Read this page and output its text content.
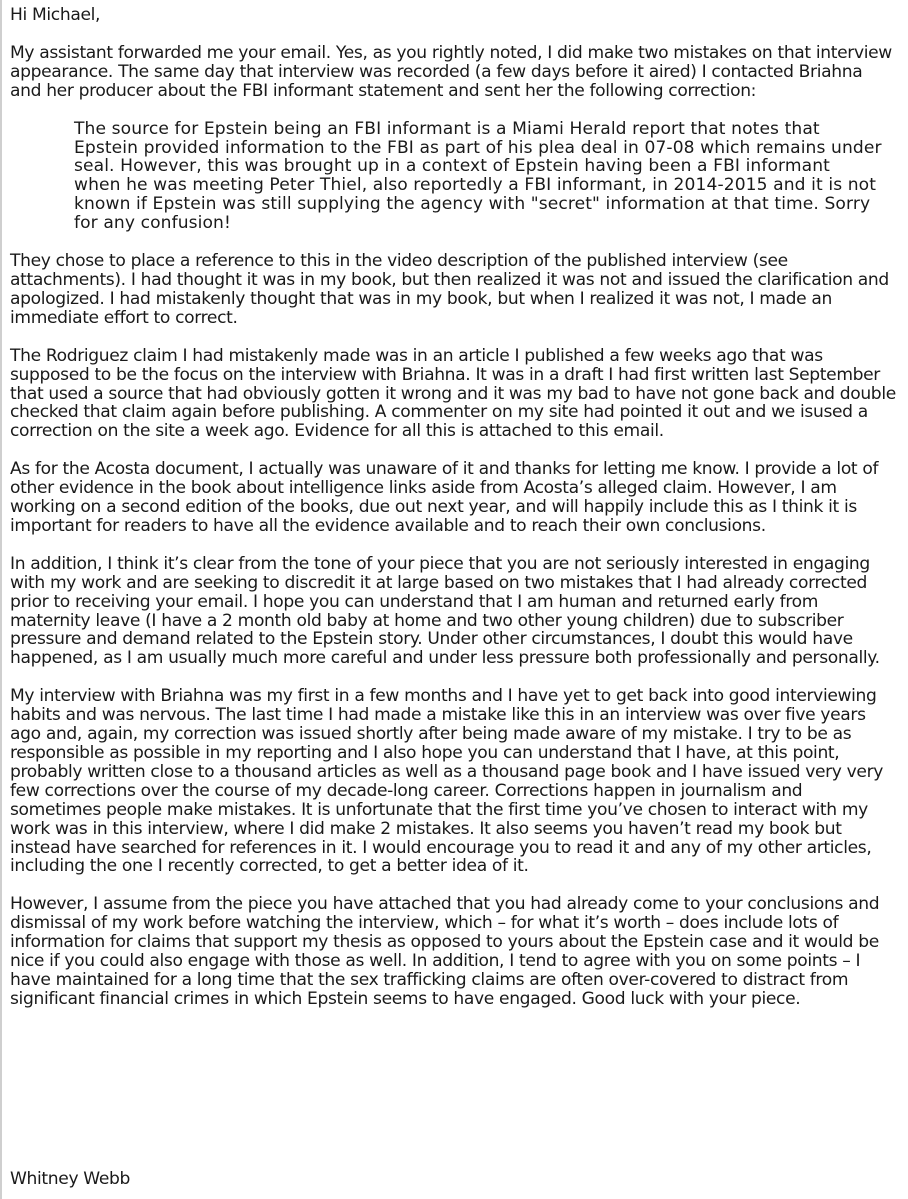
Hi Michael,

My assistant forwarded me your email. Yes, as you rightly noted, I did make two mistakes on that interview appearance. The same day that interview was recorded (a few days before it aired) I contacted Briahna and her producer about the FBI informant statement and sent her the following correction:

The source for Epstein being an FBI informant is a Miami Herald report that notes that Epstein provided information to the FBI as part of his plea deal in 07-08 which remains under seal. However, this was brought up in a context of Epstein having been a FBI informant when he was meeting Peter Thiel, also reportedly a FBI informant, in 2014-2015 and it is not known if Epstein was still supplying the agency with "secret" information at that time. Sorry for any confusion!

They chose to place a reference to this in the video description of the published interview (see attachments). I had thought it was in my book, but then realized it was not and issued the clarification and apologized. I had mistakenly thought that was in my book, but when I realized it was not, I made an immediate effort to correct.

The Rodriguez claim I had mistakenly made was in an article I published a few weeks ago that was supposed to be the focus on the interview with Briahna. It was in a draft I had first written last September that used a source that had obviously gotten it wrong and it was my bad to have not gone back and double checked that claim again before publishing. A commenter on my site had pointed it out and we isused a correction on the site a week ago. Evidence for all this is attached to this email.

As for the Acosta document, I actually was unaware of it and thanks for letting me know. I provide a lot of other evidence in the book about intelligence links aside from Acosta’s alleged claim. However, I am working on a second edition of the books, due out next year, and will happily include this as I think it is important for readers to have all the evidence available and to reach their own conclusions.

In addition, I think it’s clear from the tone of your piece that you are not seriously interested in engaging with my work and are seeking to discredit it at large based on two mistakes that I had already corrected prior to receiving your email. I hope you can understand that I am human and returned early from maternity leave (I have a 2 month old baby at home and two other young children) due to subscriber pressure and demand related to the Epstein story. Under other circumstances, I doubt this would have happened, as I am usually much more careful and under less pressure both professionally and personally.

My interview with Briahna was my first in a few months and I have yet to get back into good interviewing habits and was nervous. The last time I had made a mistake like this in an interview was over five years ago and, again, my correction was issued shortly after being made aware of my mistake. I try to be as responsible as possible in my reporting and I also hope you can understand that I have, at this point, probably written close to a thousand articles as well as a thousand page book and I have issued very very few corrections over the course of my decade-long career. Corrections happen in journalism and sometimes people make mistakes. It is unfortunate that the first time you’ve chosen to interact with my work was in this interview, where I did make 2 mistakes. It also seems you haven’t read my book but instead have searched for references in it. I would encourage you to read it and any of my other articles, including the one I recently corrected, to get a better idea of it.

However, I assume from the piece you have attached that you had already come to your conclusions and dismissal of my work before watching the interview, which – for what it’s worth – does include lots of information for claims that support my thesis as opposed to yours about the Epstein case and it would be nice if you could also engage with those as well. In addition, I tend to agree with you on some points – I have maintained for a long time that the sex trafficking claims are often over-covered to distract from significant financial crimes in which Epstein seems to have engaged. Good luck with your piece.

Whitney Webb
